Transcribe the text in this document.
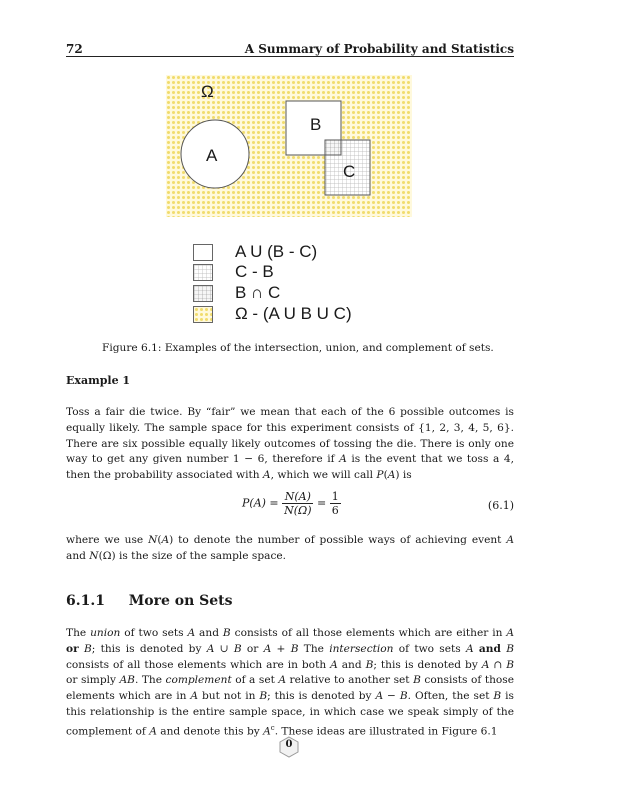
72	A Summary of Probability and Statistics
Ω
A
B
C
A U (B - C)
C - B
B ∩ C
Ω - (A U B U C)
Figure 6.1: Examples of the intersection, union, and complement of sets.
Example 1

Toss a fair die twice. By “fair” we mean that each of the 6 possible outcomes is equally likely. The sample space for this experiment consists of {1, 2, 3, 4, 5, 6}. There are six possible equally likely outcomes of tossing the die. There is only one way to get any given number 1 − 6, therefore if A is the event that we toss a 4, then the probability associated with A, which we will call P(A) is

$P(A) = \frac{N(A)}{N(\Omega)} = \frac{1}{6}$	(6.1)

where we use N(A) to denote the number of possible ways of achieving event A and N(Ω) is the size of the sample space.

6.1.1 More on Sets

The union of two sets A and B consists of all those elements which are either in A or B; this is denoted by A ∪ B or A + B The intersection of two sets A and B consists of all those elements which are in both A and B; this is denoted by A ∩ B or simply AB. The complement of a set A relative to another set B consists of those elements which are in A but not in B; this is denoted by A − B. Often, the set B is this relationship is the entire sample space, in which case we speak simply of the complement of A and denote this by $A^c$. These ideas are illustrated in Figure 6.1

0
